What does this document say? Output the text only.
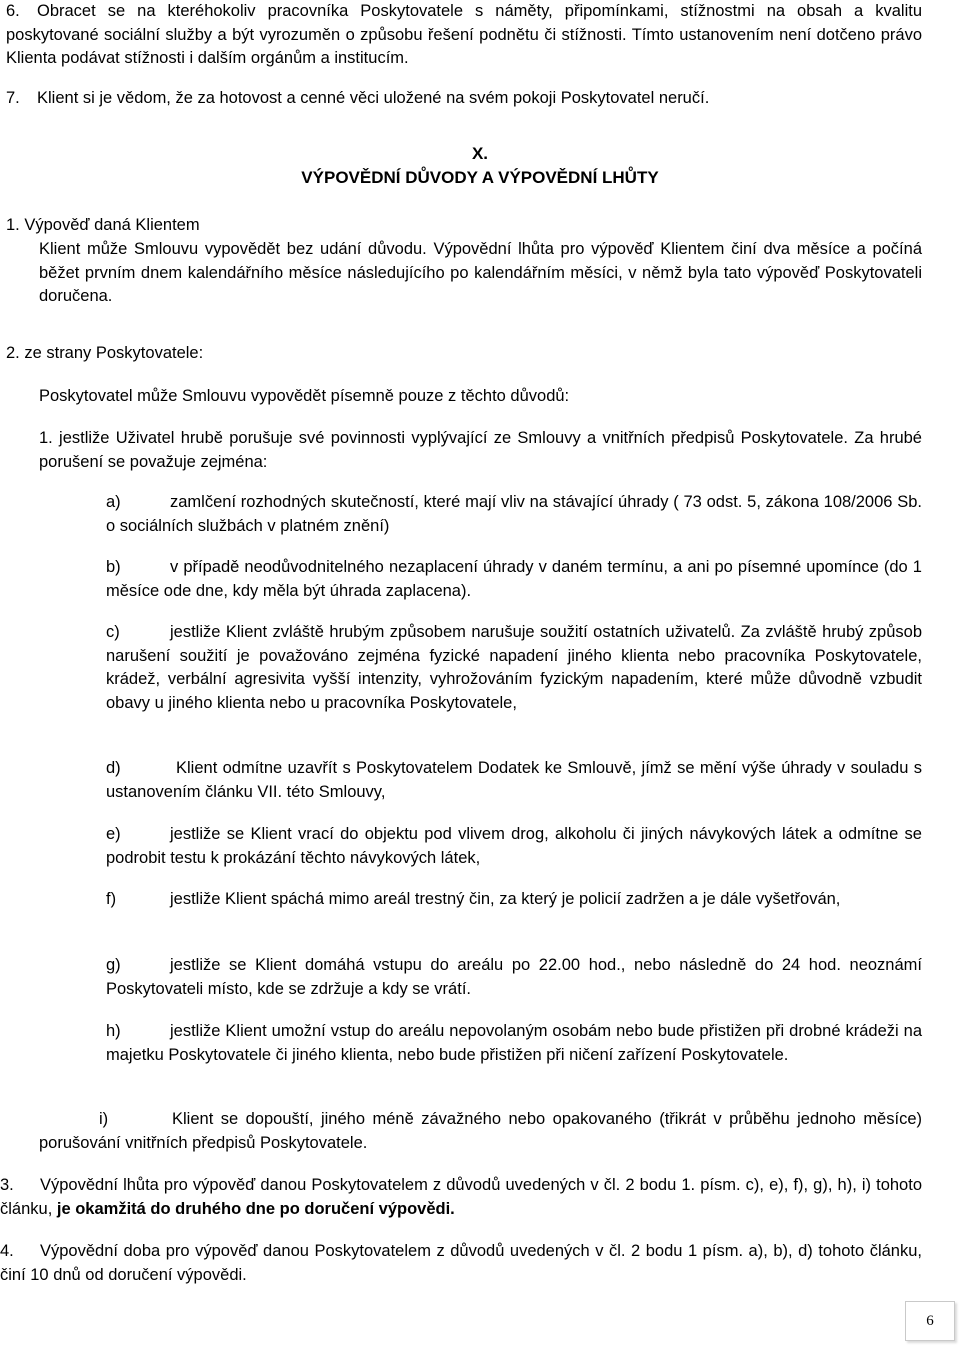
6. Obracet se na kteréhokoliv pracovníka Poskytovatele s náměty, připomínkami, stížnostmi na obsah a kvalitu poskytované sociální služby a být vyrozuměn o způsobu řešení podnětu či stížnosti. Tímto ustanovením není dotčeno právo Klienta podávat stížnosti i dalším orgánům a institucím.
7. Klient si je vědom, že za hotovost a cenné věci uložené na svém pokoji Poskytovatel neručí.
X.
VÝPOVĚDNÍ DŮVODY A VÝPOVĚDNÍ LHŮTY
1. Výpověď daná Klientem
Klient může Smlouvu vypovědět bez udání důvodu. Výpovědní lhůta pro výpověď Klientem činí dva měsíce a počíná běžet prvním dnem kalendářního měsíce následujícího po kalendářním měsíci, v němž byla tato výpověď Poskytovateli doručena.
2. ze strany Poskytovatele:
Poskytovatel může Smlouvu vypovědět písemně pouze z těchto důvodů:
1. jestliže Uživatel hrubě porušuje své povinnosti vyplývající ze Smlouvy a vnitřních předpisů Poskytovatele. Za hrubé porušení se považuje zejména:
a)	zamlčení rozhodných skutečností, které mají vliv na stávající úhrady ( 73 odst. 5, zákona 108/2006 Sb. o sociálních službách v platném znění)
b)	v případě neodůvodnitelného nezaplacení úhrady v daném termínu, a ani po písemné upomínce (do 1 měsíce ode dne, kdy měla být úhrada zaplacena).
c)	jestliže Klient zvláště hrubým způsobem narušuje soužití ostatních uživatelů. Za zvláště hrubý způsob narušení soužití je považováno zejména fyzické napadení jiného klienta nebo pracovníka Poskytovatele, krádež, verbální agresivita vyšší intenzity, vyhrožováním fyzickým napadením, které může důvodně vzbudit obavy u jiného klienta nebo u pracovníka Poskytovatele,
d)	Klient odmítne uzavřít s Poskytovatelem Dodatek ke Smlouvě, jímž se mění výše úhrady v souladu s ustanovením článku VII. této Smlouvy,
e)	jestliže se Klient vrací do objektu pod vlivem drog, alkoholu či jiných návykových látek a odmítne se podrobit testu k prokázání těchto návykových látek,
f)	jestliže Klient spáchá mimo areál trestný čin, za který je policií zadržen a je dále vyšetřován,
g)	jestliže se Klient domáhá vstupu do areálu po 22.00 hod., nebo následně do 24 hod. neoznámí Poskytovateli místo, kde se zdržuje a kdy se vrátí.
h)	jestliže Klient umožní vstup do areálu nepovolaným osobám nebo bude přistižen při drobné krádeži na majetku Poskytovatele či jiného klienta, nebo bude přistižen při ničení zařízení Poskytovatele.
i)	Klient se dopouští, jiného méně závažného nebo opakovaného (třikrát v průběhu jednoho měsíce) porušování vnitřních předpisů Poskytovatele.
3. Výpovědní lhůta pro výpověď danou Poskytovatelem z důvodů uvedených v čl. 2 bodu 1. písm. c), e), f), g), h), i) tohoto článku, je okamžitá do druhého dne po doručení výpovědi.
4. Výpovědní doba pro výpověď danou Poskytovatelem z důvodů uvedených v čl. 2 bodu 1 písm. a), b), d) tohoto článku, činí 10 dnů od doručení výpovědi.
6
